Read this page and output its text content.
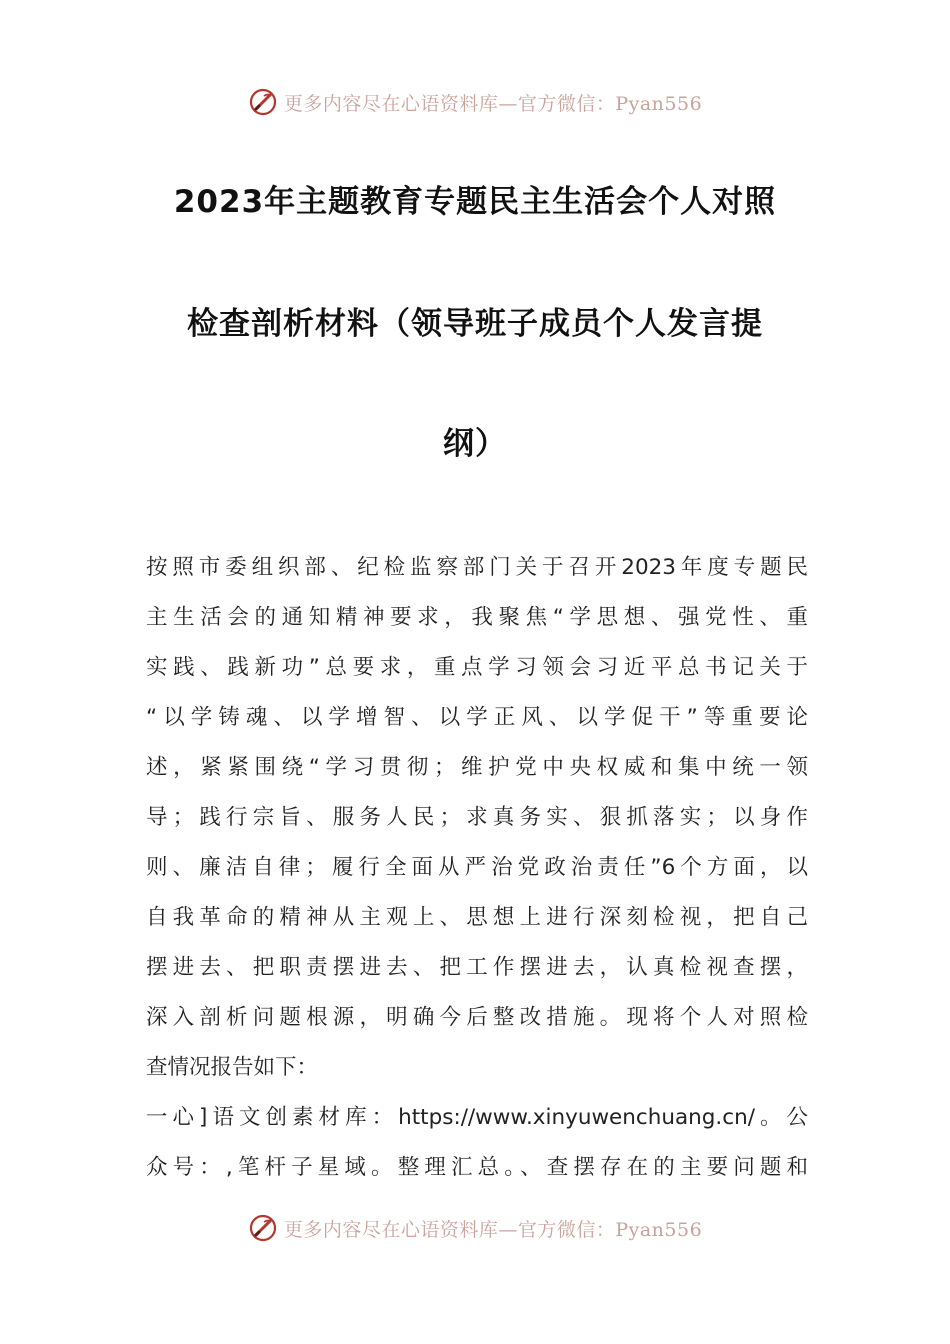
更多内容尽在心语资料库—官方微信：Pyan556
2023年主题教育专题民主生活会个人对照
检查剖析材料（领导班子成员个人发言提
纲）
按照市委组织部、纪检监察部门关于召开2023年度专题民
主生活会的通知精神要求，我聚焦“学思想、强党性、重
实践、践新功”总要求，重点学习领会习近平总书记关于
“以学铸魂、以学增智、以学正风、以学促干”等重要论
述，紧紧围绕“学习贯彻；维护党中央权威和集中统一领
导；践行宗旨、服务人民；求真务实、狠抓落实；以身作
则、廉洁自律；履行全面从严治党政治责任”6个方面，以
自我革命的精神从主观上、思想上进行深刻检视，把自己
摆进去、把职责摆进去、把工作摆进去，认真检视查摆，
深入剖析问题根源，明确今后整改措施。现将个人对照检
查情况报告如下：
一心]语文创素材库：https://www.xinyuwenchuang.cn/。公
众号：,笔杆子星域。整理汇总。、查摆存在的主要问题和
更多内容尽在心语资料库—官方微信：Pyan556
